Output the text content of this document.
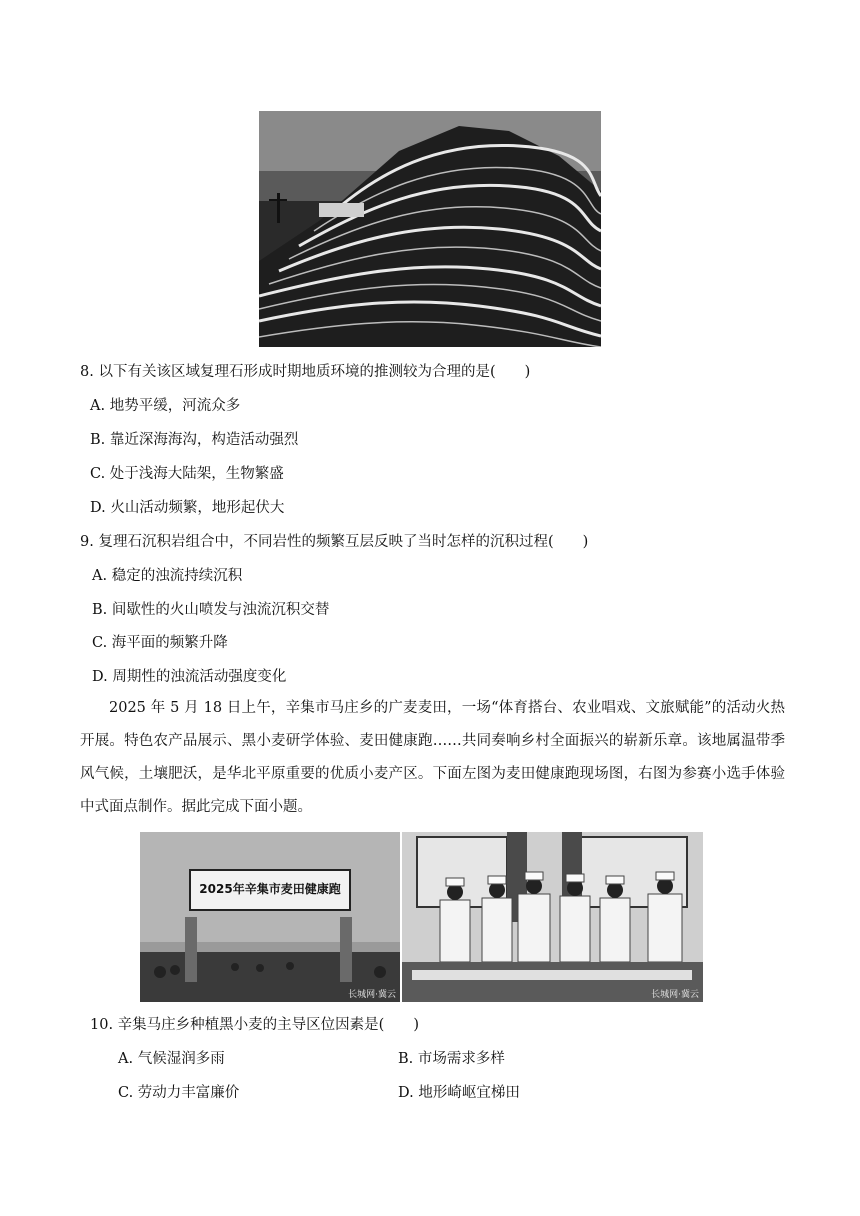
8. 以下有关该区域复理石形成时期地质环境的推测较为合理的是(　　)
A. 地势平缓，河流众多
B. 靠近深海海沟，构造活动强烈
C. 处于浅海大陆架，生物繁盛
D. 火山活动频繁，地形起伏大
9. 复理石沉积岩组合中，不同岩性的频繁互层反映了当时怎样的沉积过程(　　)
A. 稳定的浊流持续沉积
B. 间歇性的火山喷发与浊流沉积交替
C. 海平面的频繁升降
D. 周期性的浊流活动强度变化
2025 年 5 月 18 日上午，辛集市马庄乡的广麦麦田，一场“体育搭台、农业唱戏、文旅赋能”的活动火热开展。特色农产品展示、黑小麦研学体验、麦田健康跑……共同奏响乡村全面振兴的崭新乐章。该地属温带季风气候，土壤肥沃，是华北平原重要的优质小麦产区。下面左图为麦田健康跑现场图，右图为参赛小选手体验中式面点制作。据此完成下面小题。
2025年辛集市麦田健康跑
长城网·冀云	长城网·冀云
10. 辛集马庄乡种植黑小麦的主导区位因素是(　　)
A. 气候湿润多雨	B. 市场需求多样
C. 劳动力丰富廉价	D. 地形崎岖宜梯田
